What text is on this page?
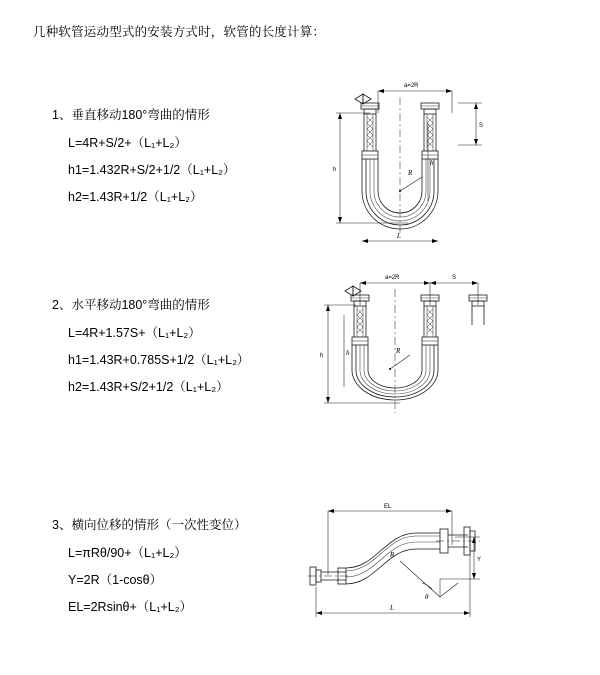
几种软管运动型式的安装方式时，软管的长度计算：
1、垂直移动180°弯曲的情形
L=4R+S/2+（L₁+L₂）
h1=1.432R+S/2+1/2（L₁+L₂）
h2=1.43R+1/2（L₁+L₂）
a=2R
S
h
h
R
L
2、水平移动180°弯曲的情形
L=4R+1.57S+（L₁+L₂）
h1=1.43R+0.785S+1/2（L₁+L₂）
h2=1.43R+S/2+1/2（L₁+L₂）
a=2R	S
h	h	R
3、横向位移的情形（一次性变位）
L=πRθ/90+（L₁+L₂）
Y=2R（1-cosθ）
EL=2Rsinθ+（L₁+L₂）
EL
Y
θ
R
L
